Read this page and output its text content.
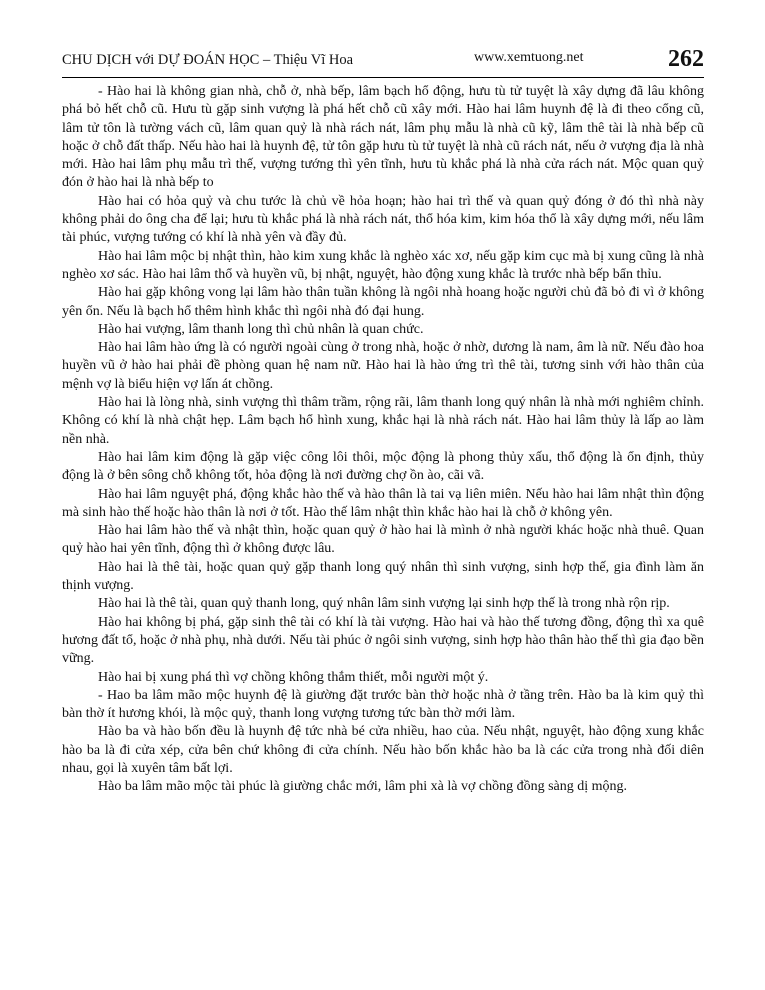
CHU DỊCH với DỰ ĐOÁN HỌC – Thiệu Vĩ Hoa	www.xemtuong.net	262

- Hào hai là không gian nhà, chỗ ở, nhà bếp, lâm bạch hổ động, hưu tù tử tuyệt là xây dựng đã lâu không phá bỏ hết chỗ cũ. Hưu tù gặp sinh vượng là phá hết chỗ cũ xây mới. Hào hai lâm huynh đệ là đi theo cổng cũ, lâm tử tôn là tường vách cũ, lâm quan quỷ là nhà rách nát, lâm phụ mẫu là nhà cũ kỹ, lâm thê tài là nhà bếp cũ hoặc ở chỗ đất thấp. Nếu hào hai là huynh đệ, tử tôn gặp hưu tù tử tuyệt là nhà cũ rách nát, nếu ở vượng địa là nhà mới. Hào hai lâm phụ mẫu trì thế, vượng tướng thì yên tĩnh, hưu tù khắc phá là nhà cửa rách nát. Mộc quan quỷ đón ở hào hai là nhà bếp to

Hào hai có hỏa quỷ và chu tước là chủ về hỏa hoạn; hào hai trì thế và quan quỷ đóng ở đó thì nhà này không phải do ông cha để lại; hưu tù khắc phá là nhà rách nát, thổ hóa kim, kim hóa thổ là xây dựng mới, nếu lâm tài phúc, vượng tướng có khí là nhà yên và đầy đủ.

Hào hai lâm mộc bị nhật thìn, hào kim xung khắc là nghèo xác xơ, nếu gặp kim cục mà bị xung cũng là nhà nghèo xơ sác. Hào hai lâm thổ và huyền vũ, bị nhật, nguyệt, hào động xung khắc là trước nhà bếp bẩn thỉu.

Hào hai gặp không vong lại lâm hào thân tuần không là ngôi nhà hoang hoặc người chủ đã bỏ đi vì ở không yên ổn. Nếu là bạch hổ thêm hình khắc thì ngôi nhà đó đại hung.

Hào hai vượng, lâm thanh long thì chủ nhân là quan chức.

Hào hai lâm hào ứng là có người ngoài cùng ở trong nhà, hoặc ở nhờ, dương là nam, âm là nữ. Nếu đào hoa huyền vũ ở hào hai phải đề phòng quan hệ nam nữ. Hào hai là hào ứng trì thê tài, tương sinh với hào thân của mệnh vợ là biểu hiện vợ lấn át chồng.

Hào hai là lòng nhà, sinh vượng thì thâm trầm, rộng rãi, lâm thanh long quý nhân là nhà mới nghiêm chỉnh. Không có khí là nhà chật hẹp. Lâm bạch hổ hình xung, khắc hại là nhà rách nát. Hào hai lâm thủy là lấp ao làm nền nhà.

Hào hai lâm kim động là gặp việc công lôi thôi, mộc động là phong thủy xấu, thổ động là ổn định, thủy động là ở bên sông chỗ không tốt, hỏa động là nơi đường chợ ồn ào, cãi vã.

Hào hai lâm nguyệt phá, động khắc hào thế và hào thân là tai vạ liên miên. Nếu hào hai lâm nhật thìn động mà sinh hào thế hoặc hào thân là nơi ở tốt. Hào thế lâm nhật thìn khắc hào hai là chỗ ở không yên.

Hào hai lâm hào thế và nhật thìn, hoặc quan quỷ ở hào hai là mình ở nhà người khác hoặc nhà thuê. Quan quỷ hào hai yên tĩnh, động thì ở không được lâu.

Hào hai là thê tài, hoặc quan quỷ gặp thanh long quý nhân thì sinh vượng, sinh hợp thế, gia đình làm ăn thịnh vượng.

Hào hai là thê tài, quan quỷ thanh long, quý nhân lâm sinh vượng lại sinh hợp thế là trong nhà rộn rịp.

Hào hai không bị phá, gặp sinh thê tài có khí là tài vượng. Hào hai và hào thế tương đồng, động thì xa quê hương đất tổ, hoặc ở nhà phụ, nhà dưới. Nếu tài phúc ở ngôi sinh vượng, sinh hợp hào thân hào thế thì gia đạo bền vững.

Hào hai bị xung phá thì vợ chồng không thắm thiết, mỗi người một ý.

- Hao ba lâm mão mộc huynh đệ là giường đặt trước bàn thờ hoặc nhà ở tầng trên. Hào ba là kim quỷ thì bàn thờ ít hương khói, là mộc quỷ, thanh long vượng tương tức bàn thờ mới làm.

Hào ba và hào bốn đều là huynh đệ tức nhà bé cửa nhiều, hao của. Nếu nhật, nguyệt, hào động xung khắc hào ba là đi cửa xép, cửa bên chứ không đi cửa chính. Nếu hào bốn khắc hào ba là các cửa trong nhà đối diên nhau, gọi là xuyên tâm bất lợi.

Hào ba lâm mão mộc tài phúc là giường chắc mới, lâm phi xà là vợ chồng đồng sàng dị mộng.
